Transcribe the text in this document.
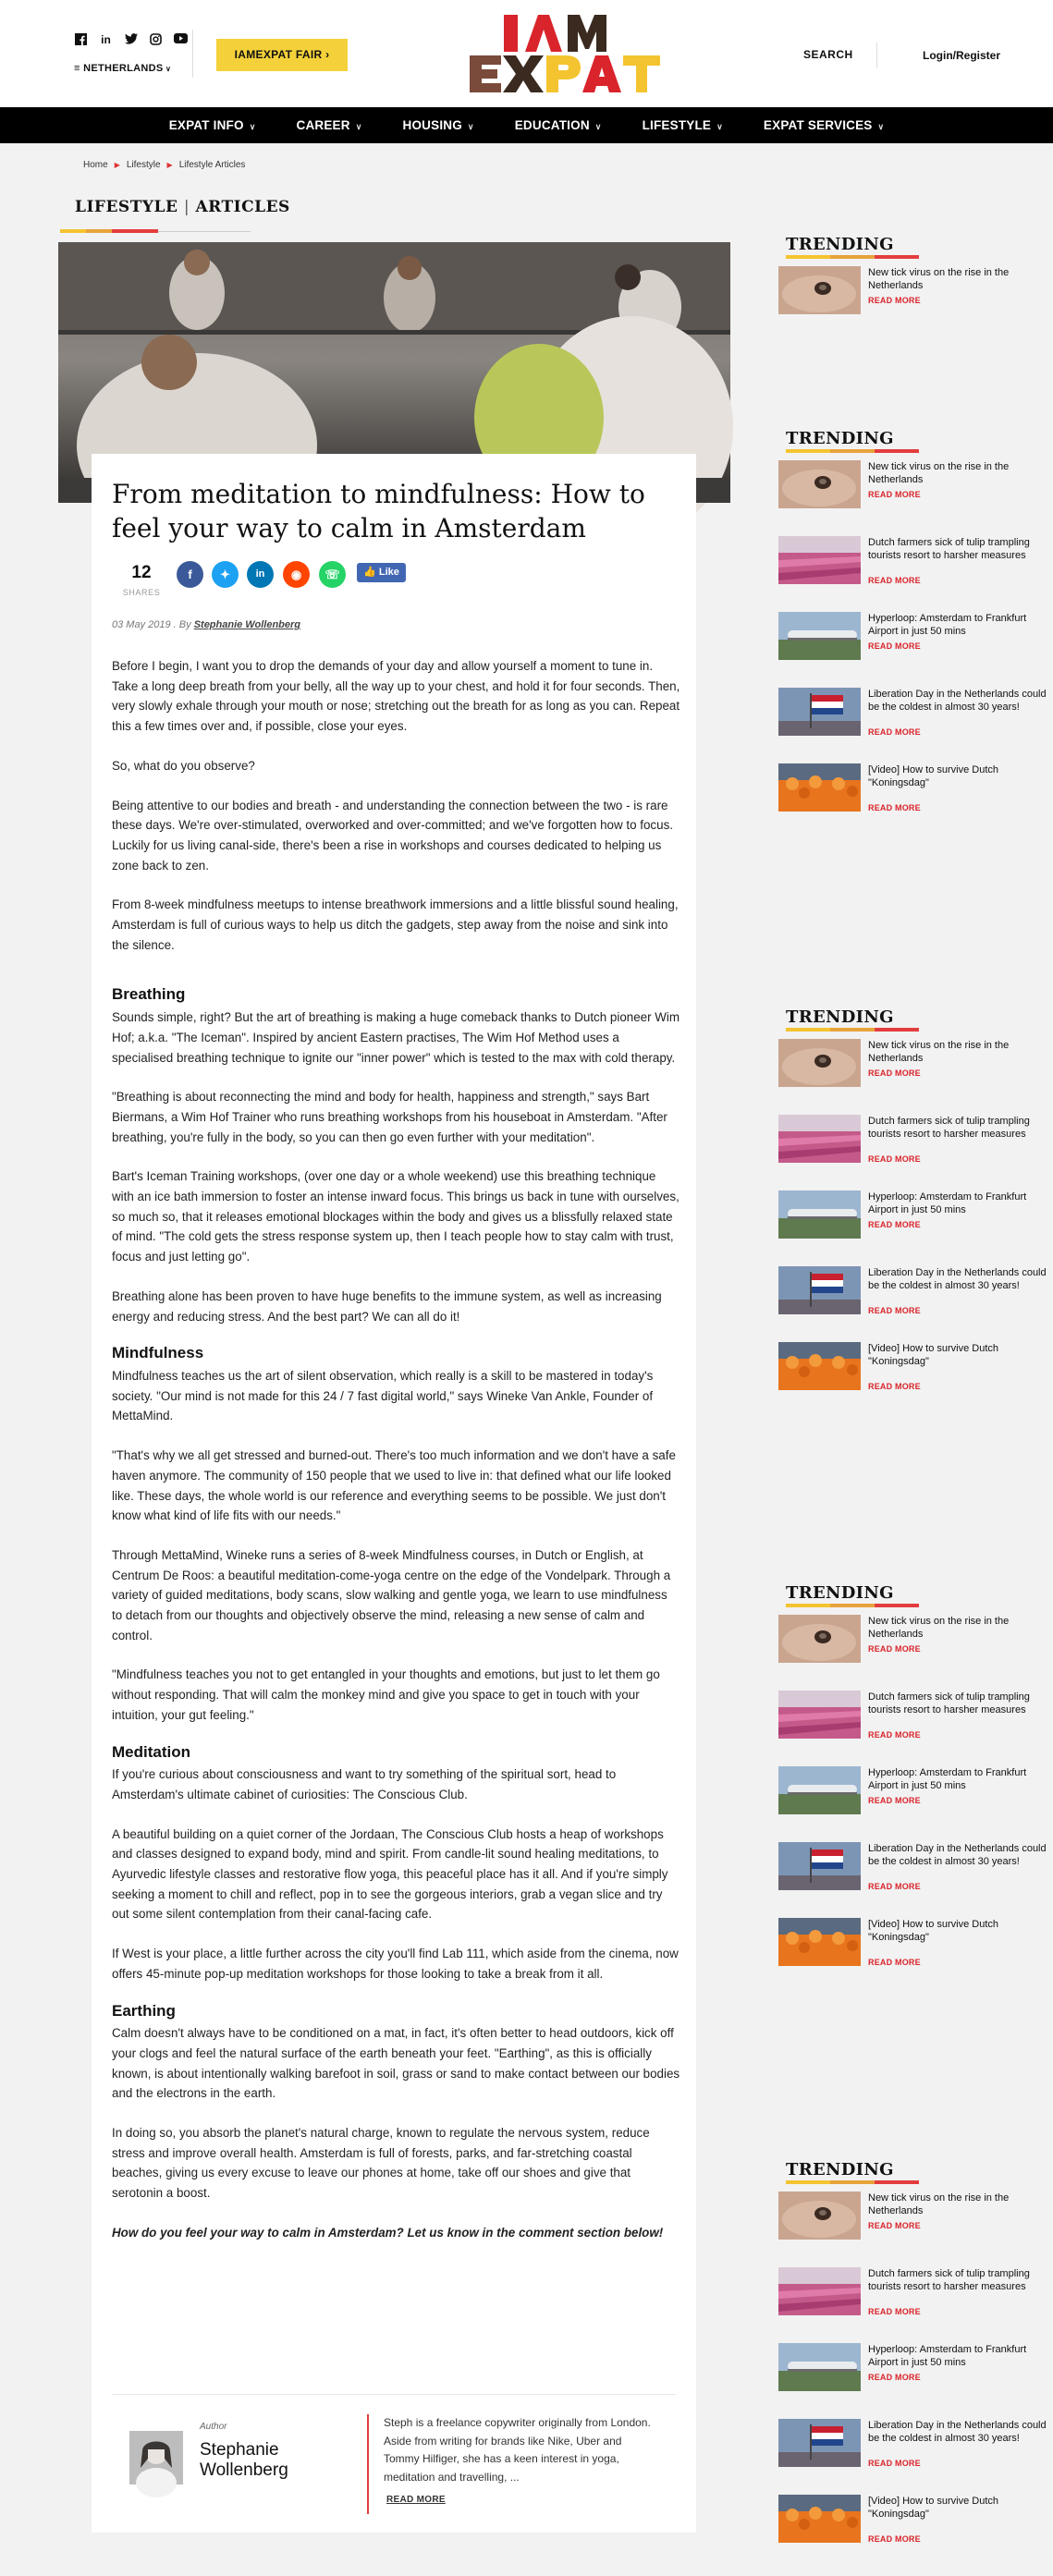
in
≡ NETHERLANDS ∨
IAMEXPAT FAIR ›	SEARCH	Login/Register
EXPAT INFO ∨	CAREER ∨	HOUSING ∨	EDUCATION ∨	LIFESTYLE ∨	EXPAT SERVICES ∨
Home ▶ Lifestyle ▶ Lifestyle Articles
LIFESTYLE | ARTICLES
From meditation to mindfulness: How to feel your way to calm in Amsterdam
12
SHARES
f	✦	in	◉	☏	👍 Like
03 May 2019 . By Stephanie Wollenberg

Before I begin, I want you to drop the demands of your day and allow yourself a moment to tune in. Take a long deep breath from your belly, all the way up to your chest, and hold it for four seconds. Then, very slowly exhale through your mouth or nose; stretching out the breath for as long as you can. Repeat this a few times over and, if possible, close your eyes.

So, what do you observe?

Being attentive to our bodies and breath - and understanding the connection between the two - is rare these days. We're over-stimulated, overworked and over-committed; and we've forgotten how to focus. Luckily for us living canal-side, there's been a rise in workshops and courses dedicated to helping us zone back to zen.

From 8-week mindfulness meetups to intense breathwork immersions and a little blissful sound healing, Amsterdam is full of curious ways to help us ditch the gadgets, step away from the noise and sink into the silence.

Breathing

Sounds simple, right? But the art of breathing is making a huge comeback thanks to Dutch pioneer Wim Hof; a.k.a. "The Iceman". Inspired by ancient Eastern practises, The Wim Hof Method uses a specialised breathing technique to ignite our "inner power" which is tested to the max with cold therapy.

"Breathing is about reconnecting the mind and body for health, happiness and strength," says Bart Biermans, a Wim Hof Trainer who runs breathing workshops from his houseboat in Amsterdam. "After breathing, you're fully in the body, so you can then go even further with your meditation".

Bart's Iceman Training workshops, (over one day or a whole weekend) use this breathing technique with an ice bath immersion to foster an intense inward focus. This brings us back in tune with ourselves, so much so, that it releases emotional blockages within the body and gives us a blissfully relaxed state of mind. "The cold gets the stress response system up, then I teach people how to stay calm with trust, focus and just letting go".

Breathing alone has been proven to have huge benefits to the immune system, as well as increasing energy and reducing stress. And the best part? We can all do it!

Mindfulness

Mindfulness teaches us the art of silent observation, which really is a skill to be mastered in today's society. "Our mind is not made for this 24 / 7 fast digital world," says Wineke Van Ankle, Founder of MettaMind.

"That's why we all get stressed and burned-out. There's too much information and we don't have a safe haven anymore. The community of 150 people that we used to live in: that defined what our life looked like. These days, the whole world is our reference and everything seems to be possible. We just don't know what kind of life fits with our needs."

Through MettaMind, Wineke runs a series of 8-week Mindfulness courses, in Dutch or English, at Centrum De Roos: a beautiful meditation-come-yoga centre on the edge of the Vondelpark. Through a variety of guided meditations, body scans, slow walking and gentle yoga, we learn to use mindfulness to detach from our thoughts and objectively observe the mind, releasing a new sense of calm and control.

"Mindfulness teaches you not to get entangled in your thoughts and emotions, but just to let them go without responding. That will calm the monkey mind and give you space to get in touch with your intuition, your gut feeling."

Meditation

If you're curious about consciousness and want to try something of the spiritual sort, head to Amsterdam's ultimate cabinet of curiosities: The Conscious Club.

A beautiful building on a quiet corner of the Jordaan, The Conscious Club hosts a heap of workshops and classes designed to expand body, mind and spirit. From candle-lit sound healing meditations, to Ayurvedic lifestyle classes and restorative flow yoga, this peaceful place has it all. And if you're simply seeking a moment to chill and reflect, pop in to see the gorgeous interiors, grab a vegan slice and try out some silent contemplation from their canal-facing cafe.

If West is your place, a little further across the city you'll find Lab 111, which aside from the cinema, now offers 45-minute pop-up meditation workshops for those looking to take a break from it all.

Earthing

Calm doesn't always have to be conditioned on a mat, in fact, it's often better to head outdoors, kick off your clogs and feel the natural surface of the earth beneath your feet. "Earthing", as this is officially known, is about intentionally walking barefoot in soil, grass or sand to make contact between our bodies and the electrons in the earth.

In doing so, you absorb the planet's natural charge, known to regulate the nervous system, reduce stress and improve overall health. Amsterdam is full of forests, parks, and far-stretching coastal beaches, giving us every excuse to leave our phones at home, take off our shoes and give that serotonin a boost.

How do you feel your way to calm in Amsterdam? Let us know in the comment section below!

Author
Stephanie Wollenberg
Steph is a freelance copywriter originally from London. Aside from writing for brands like Nike, Uber and Tommy Hilfiger, she has a keen interest in yoga, meditation and travelling, ...
READ MORE
TRENDING
New tick virus on the rise in the Netherlands
READ MORE
TRENDING
New tick virus on the rise in the Netherlands
READ MORE
Dutch farmers sick of tulip trampling tourists resort to harsher measures
READ MORE
Hyperloop: Amsterdam to Frankfurt Airport in just 50 mins
READ MORE
Liberation Day in the Netherlands could be the coldest in almost 30 years!
READ MORE
[Video] How to survive Dutch "Koningsdag"
READ MORE
TRENDING
New tick virus on the rise in the Netherlands
READ MORE
Dutch farmers sick of tulip trampling tourists resort to harsher measures
READ MORE
Hyperloop: Amsterdam to Frankfurt Airport in just 50 mins
READ MORE
Liberation Day in the Netherlands could be the coldest in almost 30 years!
READ MORE
[Video] How to survive Dutch "Koningsdag"
READ MORE
TRENDING
New tick virus on the rise in the Netherlands
READ MORE
Dutch farmers sick of tulip trampling tourists resort to harsher measures
READ MORE
Hyperloop: Amsterdam to Frankfurt Airport in just 50 mins
READ MORE
Liberation Day in the Netherlands could be the coldest in almost 30 years!
READ MORE
[Video] How to survive Dutch "Koningsdag"
READ MORE
TRENDING
New tick virus on the rise in the Netherlands
READ MORE
Dutch farmers sick of tulip trampling tourists resort to harsher measures
READ MORE
Hyperloop: Amsterdam to Frankfurt Airport in just 50 mins
READ MORE
Liberation Day in the Netherlands could be the coldest in almost 30 years!
READ MORE
[Video] How to survive Dutch "Koningsdag"
READ MORE
